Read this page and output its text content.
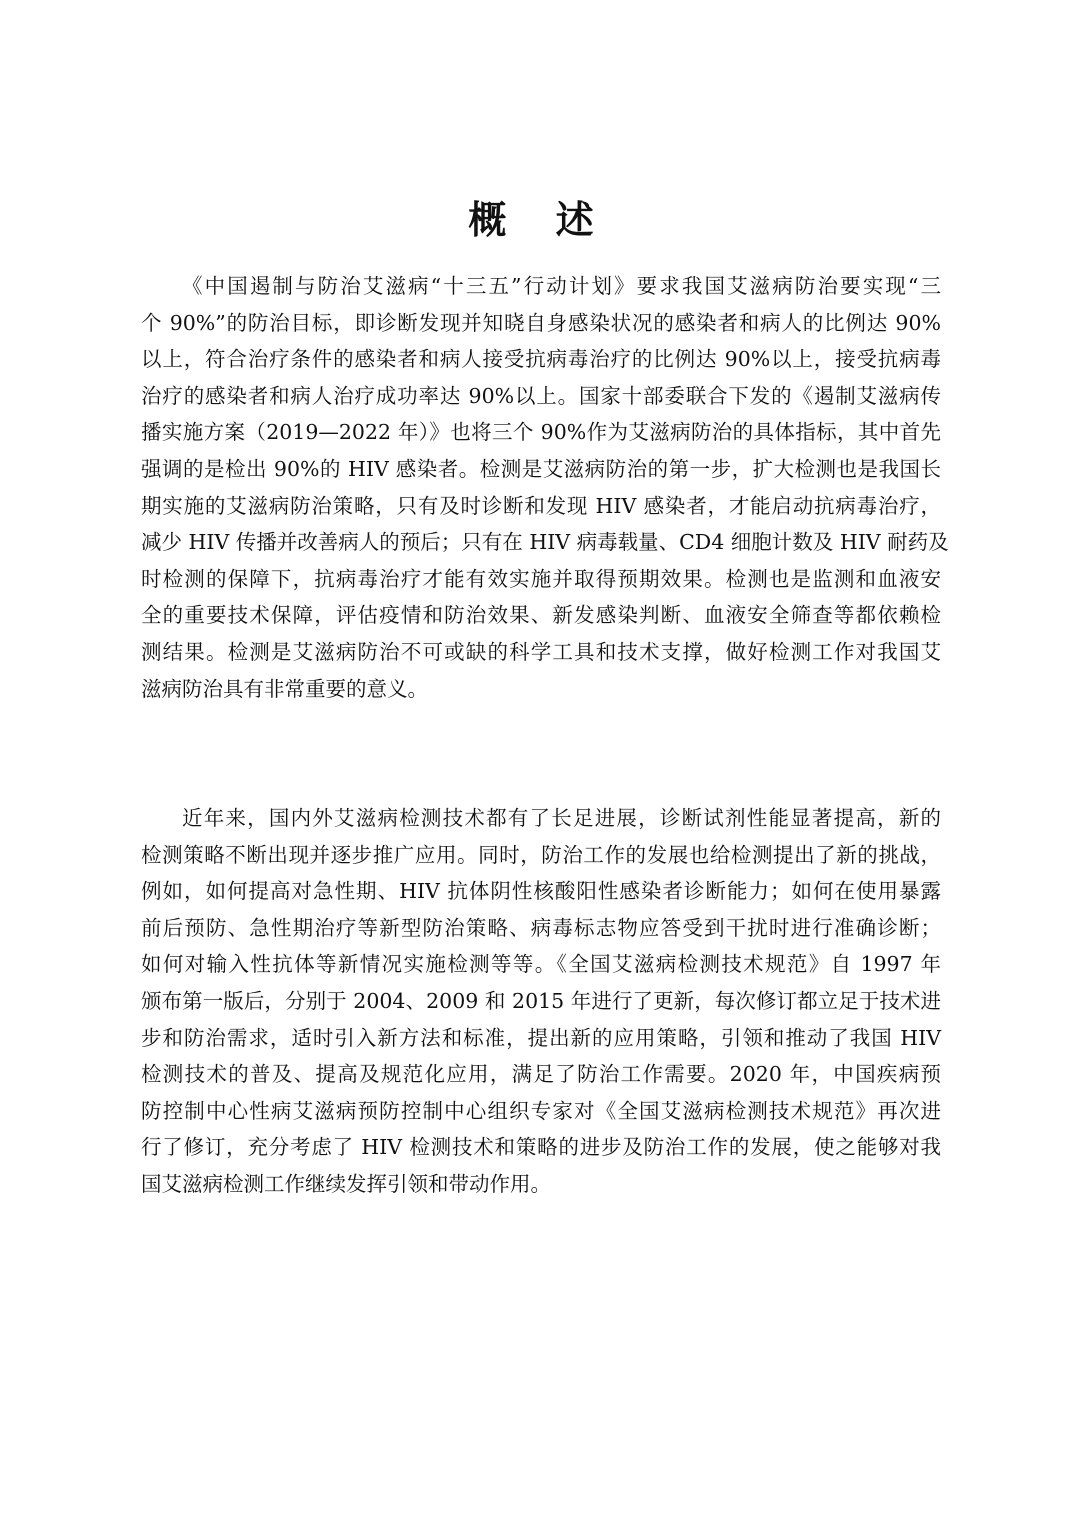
概 述

《中国遏制与防治艾滋病“十三五”行动计划》要求我国艾滋病防治要实现“三
个 90%”的防治目标，即诊断发现并知晓自身感染状况的感染者和病人的比例达 90%
以上，符合治疗条件的感染者和病人接受抗病毒治疗的比例达 90%以上，接受抗病毒
治疗的感染者和病人治疗成功率达 90%以上。国家十部委联合下发的《遏制艾滋病传
播实施方案（2019—2022 年）》也将三个 90%作为艾滋病防治的具体指标，其中首先
强调的是检出 90%的 HIV 感染者。检测是艾滋病防治的第一步，扩大检测也是我国长
期实施的艾滋病防治策略，只有及时诊断和发现 HIV 感染者，才能启动抗病毒治疗，
减少 HIV 传播并改善病人的预后；只有在 HIV 病毒载量、CD4 细胞计数及 HIV 耐药及
时检测的保障下，抗病毒治疗才能有效实施并取得预期效果。检测也是监测和血液安
全的重要技术保障，评估疫情和防治效果、新发感染判断、血液安全筛查等都依赖检
测结果。检测是艾滋病防治不可或缺的科学工具和技术支撑，做好检测工作对我国艾
滋病防治具有非常重要的意义。

近年来，国内外艾滋病检测技术都有了长足进展，诊断试剂性能显著提高，新的
检测策略不断出现并逐步推广应用。同时，防治工作的发展也给检测提出了新的挑战，
例如，如何提高对急性期、HIV 抗体阴性核酸阳性感染者诊断能力；如何在使用暴露
前后预防、急性期治疗等新型防治策略、病毒标志物应答受到干扰时进行准确诊断；
如何对输入性抗体等新情况实施检测等等。《全国艾滋病检测技术规范》自 1997 年
颁布第一版后，分别于 2004、2009 和 2015 年进行了更新，每次修订都立足于技术进
步和防治需求，适时引入新方法和标准，提出新的应用策略，引领和推动了我国 HIV
检测技术的普及、提高及规范化应用，满足了防治工作需要。2020 年，中国疾病预
防控制中心性病艾滋病预防控制中心组织专家对《全国艾滋病检测技术规范》再次进
行了修订，充分考虑了 HIV 检测技术和策略的进步及防治工作的发展，使之能够对我
国艾滋病检测工作继续发挥引领和带动作用。
